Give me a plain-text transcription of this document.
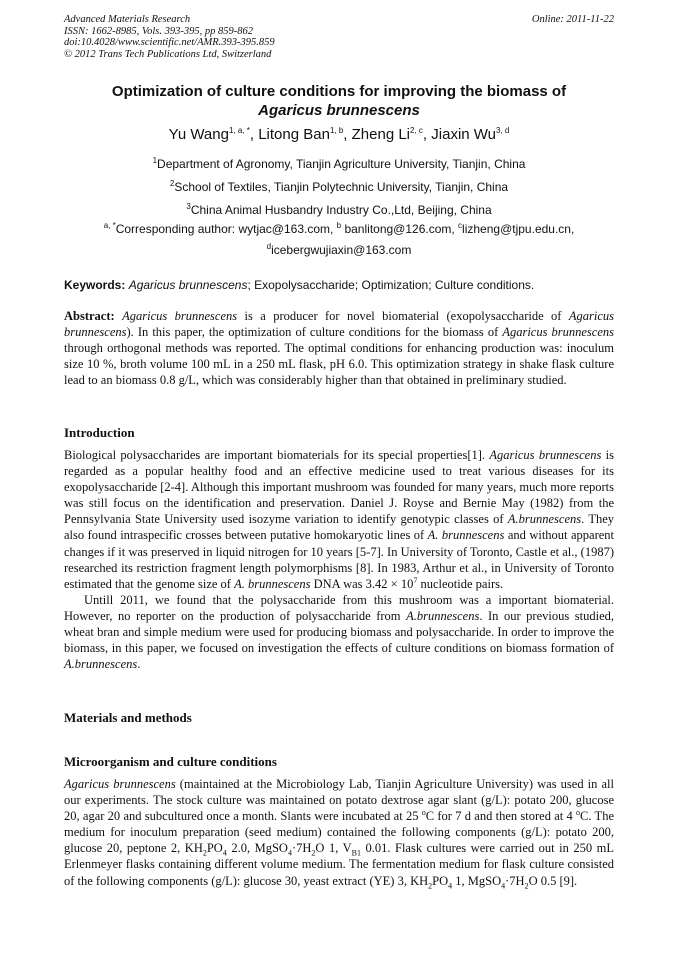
Advanced Materials Research
ISSN: 1662-8985, Vols. 393-395, pp 859-862
doi:10.4028/www.scientific.net/AMR.393-395.859
© 2012 Trans Tech Publications Ltd, Switzerland
Online: 2011-11-22
Optimization of culture conditions for improving the biomass of
Agaricus brunnescens
Yu Wang$^{1, a, *}$, Litong Ban$^{1, b}$, Zheng Li$^{2, c}$, Jiaxin Wu$^{3, d}$
$^1$Department of Agronomy, Tianjin Agriculture University, Tianjin, China
$^2$School of Textiles, Tianjin Polytechnic University, Tianjin, China
$^3$China Animal Husbandry Industry Co.,Ltd, Beijing, China
$^{a, *}$Corresponding author: wytjac@163.com, $^b$ banlitong@126.com, $^c$lizheng@tjpu.edu.cn,
$^d$icebergwujiaxin@163.com
Keywords: Agaricus brunnescens; Exopolysaccharide; Optimization; Culture conditions.

Abstract: Agaricus brunnescens is a producer for novel biomaterial (exopolysaccharide of Agaricus brunnescens). In this paper, the optimization of culture conditions for the biomass of Agaricus brunnescens through orthogonal methods was reported. The optimal conditions for enhancing production was: inoculum size 10 %, broth volume 100 mL in a 250 mL flask, pH 6.0. This optimization strategy in shake flask culture lead to an biomass 0.8 g/L, which was considerably higher than that obtained in preliminary studied.

Introduction

Biological polysaccharides are important biomaterials for its special properties[1]. Agaricus brunnescens is regarded as a popular healthy food and an effective medicine used to treat various diseases for its exopolysaccharide [2-4]. Although this important mushroom was founded for many years, much more reports was still focus on the identification and preservation. Daniel J. Royse and Bernie May (1982) from the Pennsylvania State University used isozyme variation to identify genotypic classes of A.brunnescens. They also found intraspecific crosses between putative homokaryotic lines of A. brunnescens and without apparent changes if it was preserved in liquid nitrogen for 10 years [5-7]. In University of Toronto, Castle et al., (1987) researched its restriction fragment length polymorphisms [8]. In 1983, Arthur et al., in University of Toronto estimated that the genome size of A. brunnescens DNA was $3.42 \times 10^7$ nucleotide pairs.

Untill 2011, we found that the polysaccharide from this mushroom was a important biomaterial. However, no reporter on the production of polysaccharide from A.brunnescens. In our previous studied, wheat bran and simple medium were used for producing biomass and polysaccharide. In order to improve the biomass, in this paper, we focused on investigation the effects of culture conditions on biomass formation of A.brunnescens.

Materials and methods
Microorganism and culture conditions

Agaricus brunnescens (maintained at the Microbiology Lab, Tianjin Agriculture University) was used in all our experiments. The stock culture was maintained on potato dextrose agar slant (g/L): potato 200, glucose 20, agar 20 and subcultured once a month. Slants were incubated at 25 $^o$C for 7 d and then stored at 4 $^o$C. The medium for inoculum preparation (seed medium) contained the following components (g/L): potato 200, glucose 20, peptone 2, $KH_2PO_4$ 2.0, $MgSO_4\cdot 7H_2O$ 1, $V_{B1}$ 0.01. Flask cultures were carried out in 250 mL Erlenmeyer flasks containing different volume medium. The fermentation medium for flask culture consisted of the following components (g/L): glucose 30, yeast extract (YE) 3, $KH_2PO_4$ 1, $MgSO_4\cdot 7H_2O$ 0.5 [9].
